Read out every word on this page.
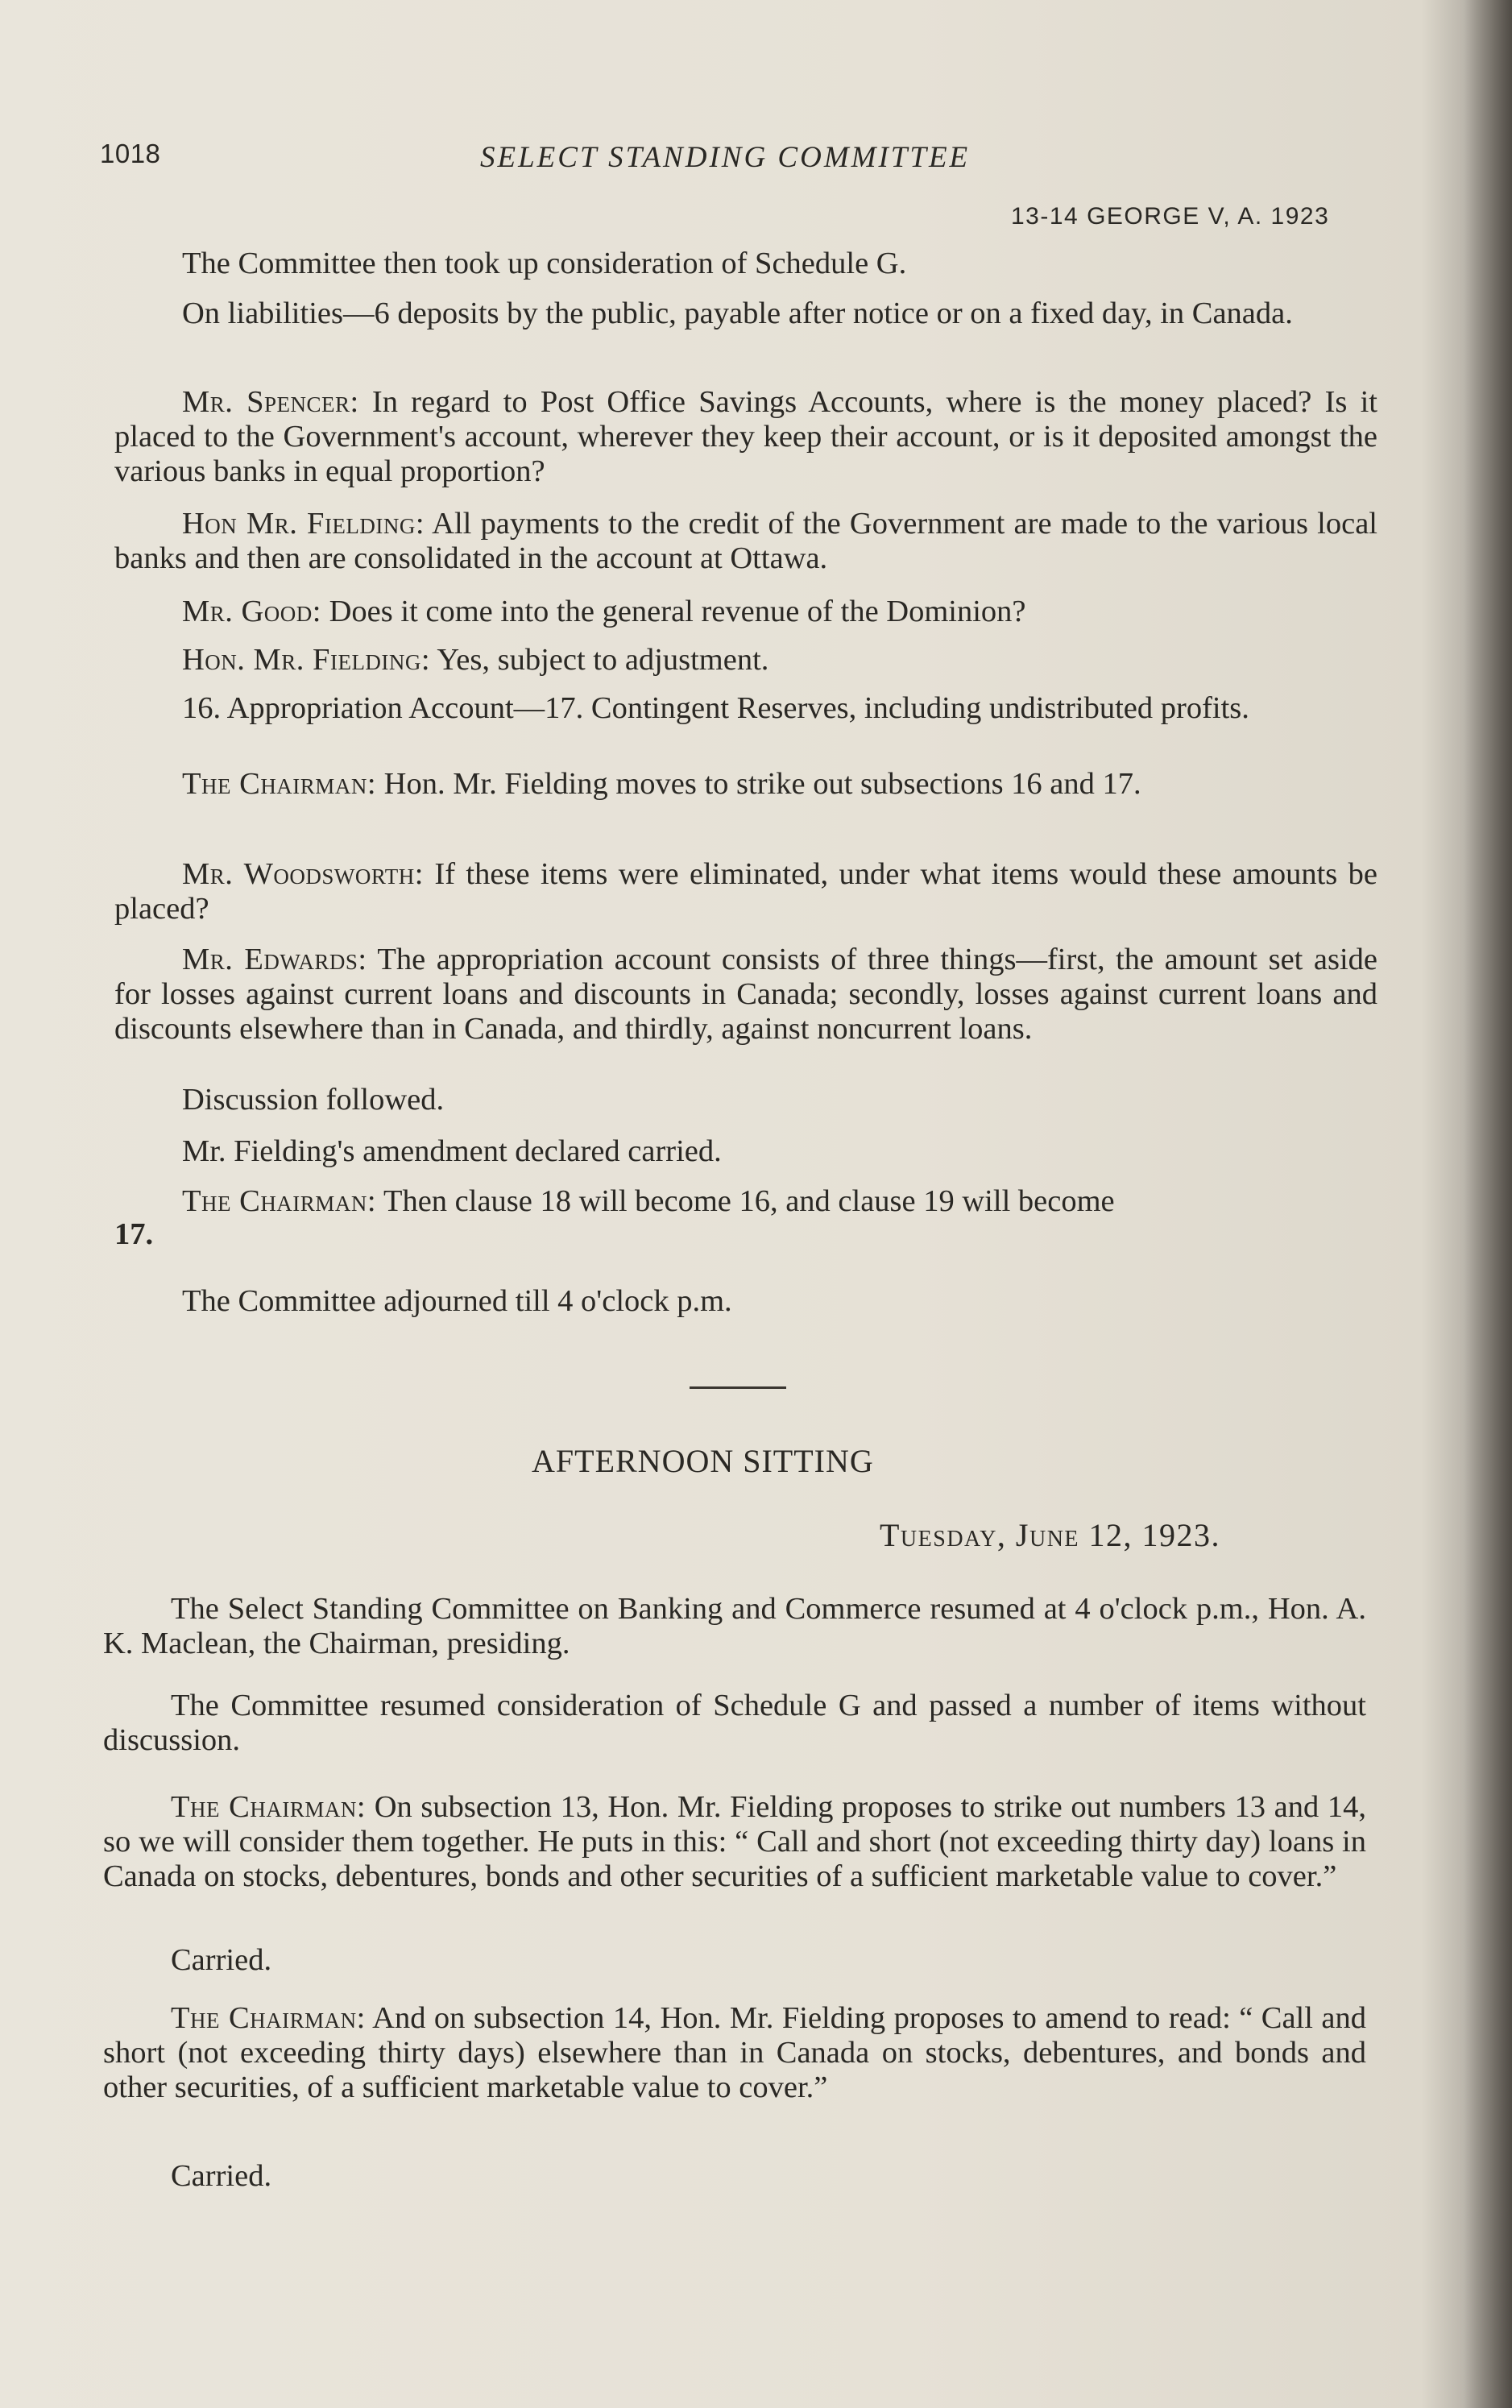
1018	SELECT STANDING COMMITTEE
13-14 GEORGE V, A. 1923

The Committee then took up consideration of Schedule G.

On liabilities—6 deposits by the public, payable after notice or on a fixed day, in Canada.

Mr. Spencer: In regard to Post Office Savings Accounts, where is the money placed? Is it placed to the Government's account, wherever they keep their account, or is it deposited amongst the various banks in equal proportion?

Hon Mr. Fielding: All payments to the credit of the Government are made to the various local banks and then are consolidated in the account at Ottawa.

Mr. Good: Does it come into the general revenue of the Dominion?

Hon. Mr. Fielding: Yes, subject to adjustment.

16. Appropriation Account—17. Contingent Reserves, including undistributed profits.

The Chairman: Hon. Mr. Fielding moves to strike out subsections 16 and 17.

Mr. Woodsworth: If these items were eliminated, under what items would these amounts be placed?

Mr. Edwards: The appropriation account consists of three things—first, the amount set aside for losses against current loans and discounts in Canada; secondly, losses against current loans and discounts elsewhere than in Canada, and thirdly, against noncurrent loans.

Discussion followed.

Mr. Fielding's amendment declared carried.

The Chairman: Then clause 18 will become 16, and clause 19 will become

17.

The Committee adjourned till 4 o'clock p.m.

AFTERNOON SITTING
Tuesday, June 12, 1923.

The Select Standing Committee on Banking and Commerce resumed at 4 o'clock p.m., Hon. A. K. Maclean, the Chairman, presiding.

The Committee resumed consideration of Schedule G and passed a number of items without discussion.

The Chairman: On subsection 13, Hon. Mr. Fielding proposes to strike out numbers 13 and 14, so we will consider them together. He puts in this: “ Call and short (not exceeding thirty day) loans in Canada on stocks, debentures, bonds and other securities of a sufficient marketable value to cover.”

Carried.

The Chairman: And on subsection 14, Hon. Mr. Fielding proposes to amend to read: “ Call and short (not exceeding thirty days) elsewhere than in Canada on stocks, debentures, and bonds and other securities, of a sufficient marketable value to cover.”

Carried.
